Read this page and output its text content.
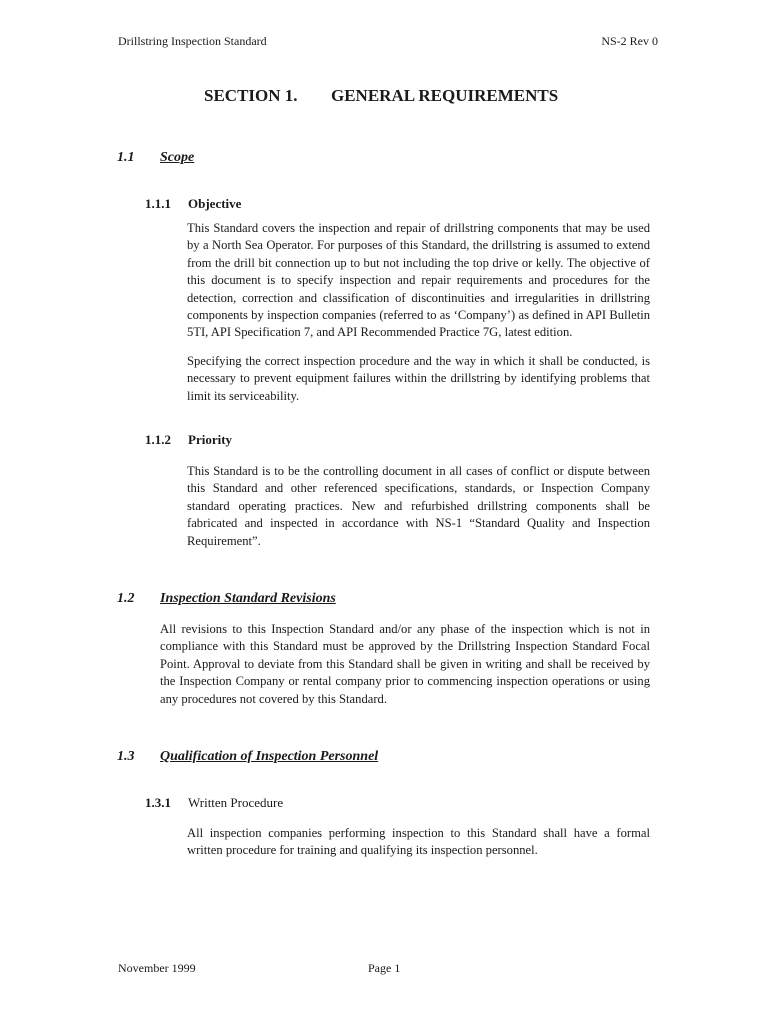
Drillstring Inspection Standard	NS-2 Rev 0
SECTION 1. GENERAL REQUIREMENTS
1.1 Scope
1.1.1 Objective

This Standard covers the inspection and repair of drillstring components that may be used by a North Sea Operator. For purposes of this Standard, the drillstring is assumed to extend from the drill bit connection up to but not including the top drive or kelly. The objective of this document is to specify inspection and repair requirements and procedures for the detection, correction and classification of discontinuities and irregularities in drillstring components by inspection companies (referred to as ‘Company’) as defined in API Bulletin 5TI, API Specification 7, and API Recommended Practice 7G, latest edition.

Specifying the correct inspection procedure and the way in which it shall be conducted, is necessary to prevent equipment failures within the drillstring by identifying problems that limit its serviceability.

1.1.2 Priority

This Standard is to be the controlling document in all cases of conflict or dispute between this Standard and other referenced specifications, standards, or Inspection Company standard operating practices. New and refurbished drillstring components shall be fabricated and inspected in accordance with NS-1 “Standard Quality and Inspection Requirement”.

1.2 Inspection Standard Revisions

All revisions to this Inspection Standard and/or any phase of the inspection which is not in compliance with this Standard must be approved by the Drillstring Inspection Standard Focal Point. Approval to deviate from this Standard shall be given in writing and shall be received by the Inspection Company or rental company prior to commencing inspection operations or using any procedures not covered by this Standard.

1.3 Qualification of Inspection Personnel
1.3.1 Written Procedure

All inspection companies performing inspection to this Standard shall have a formal written procedure for training and qualifying its inspection personnel.

November 1999	Page 1
